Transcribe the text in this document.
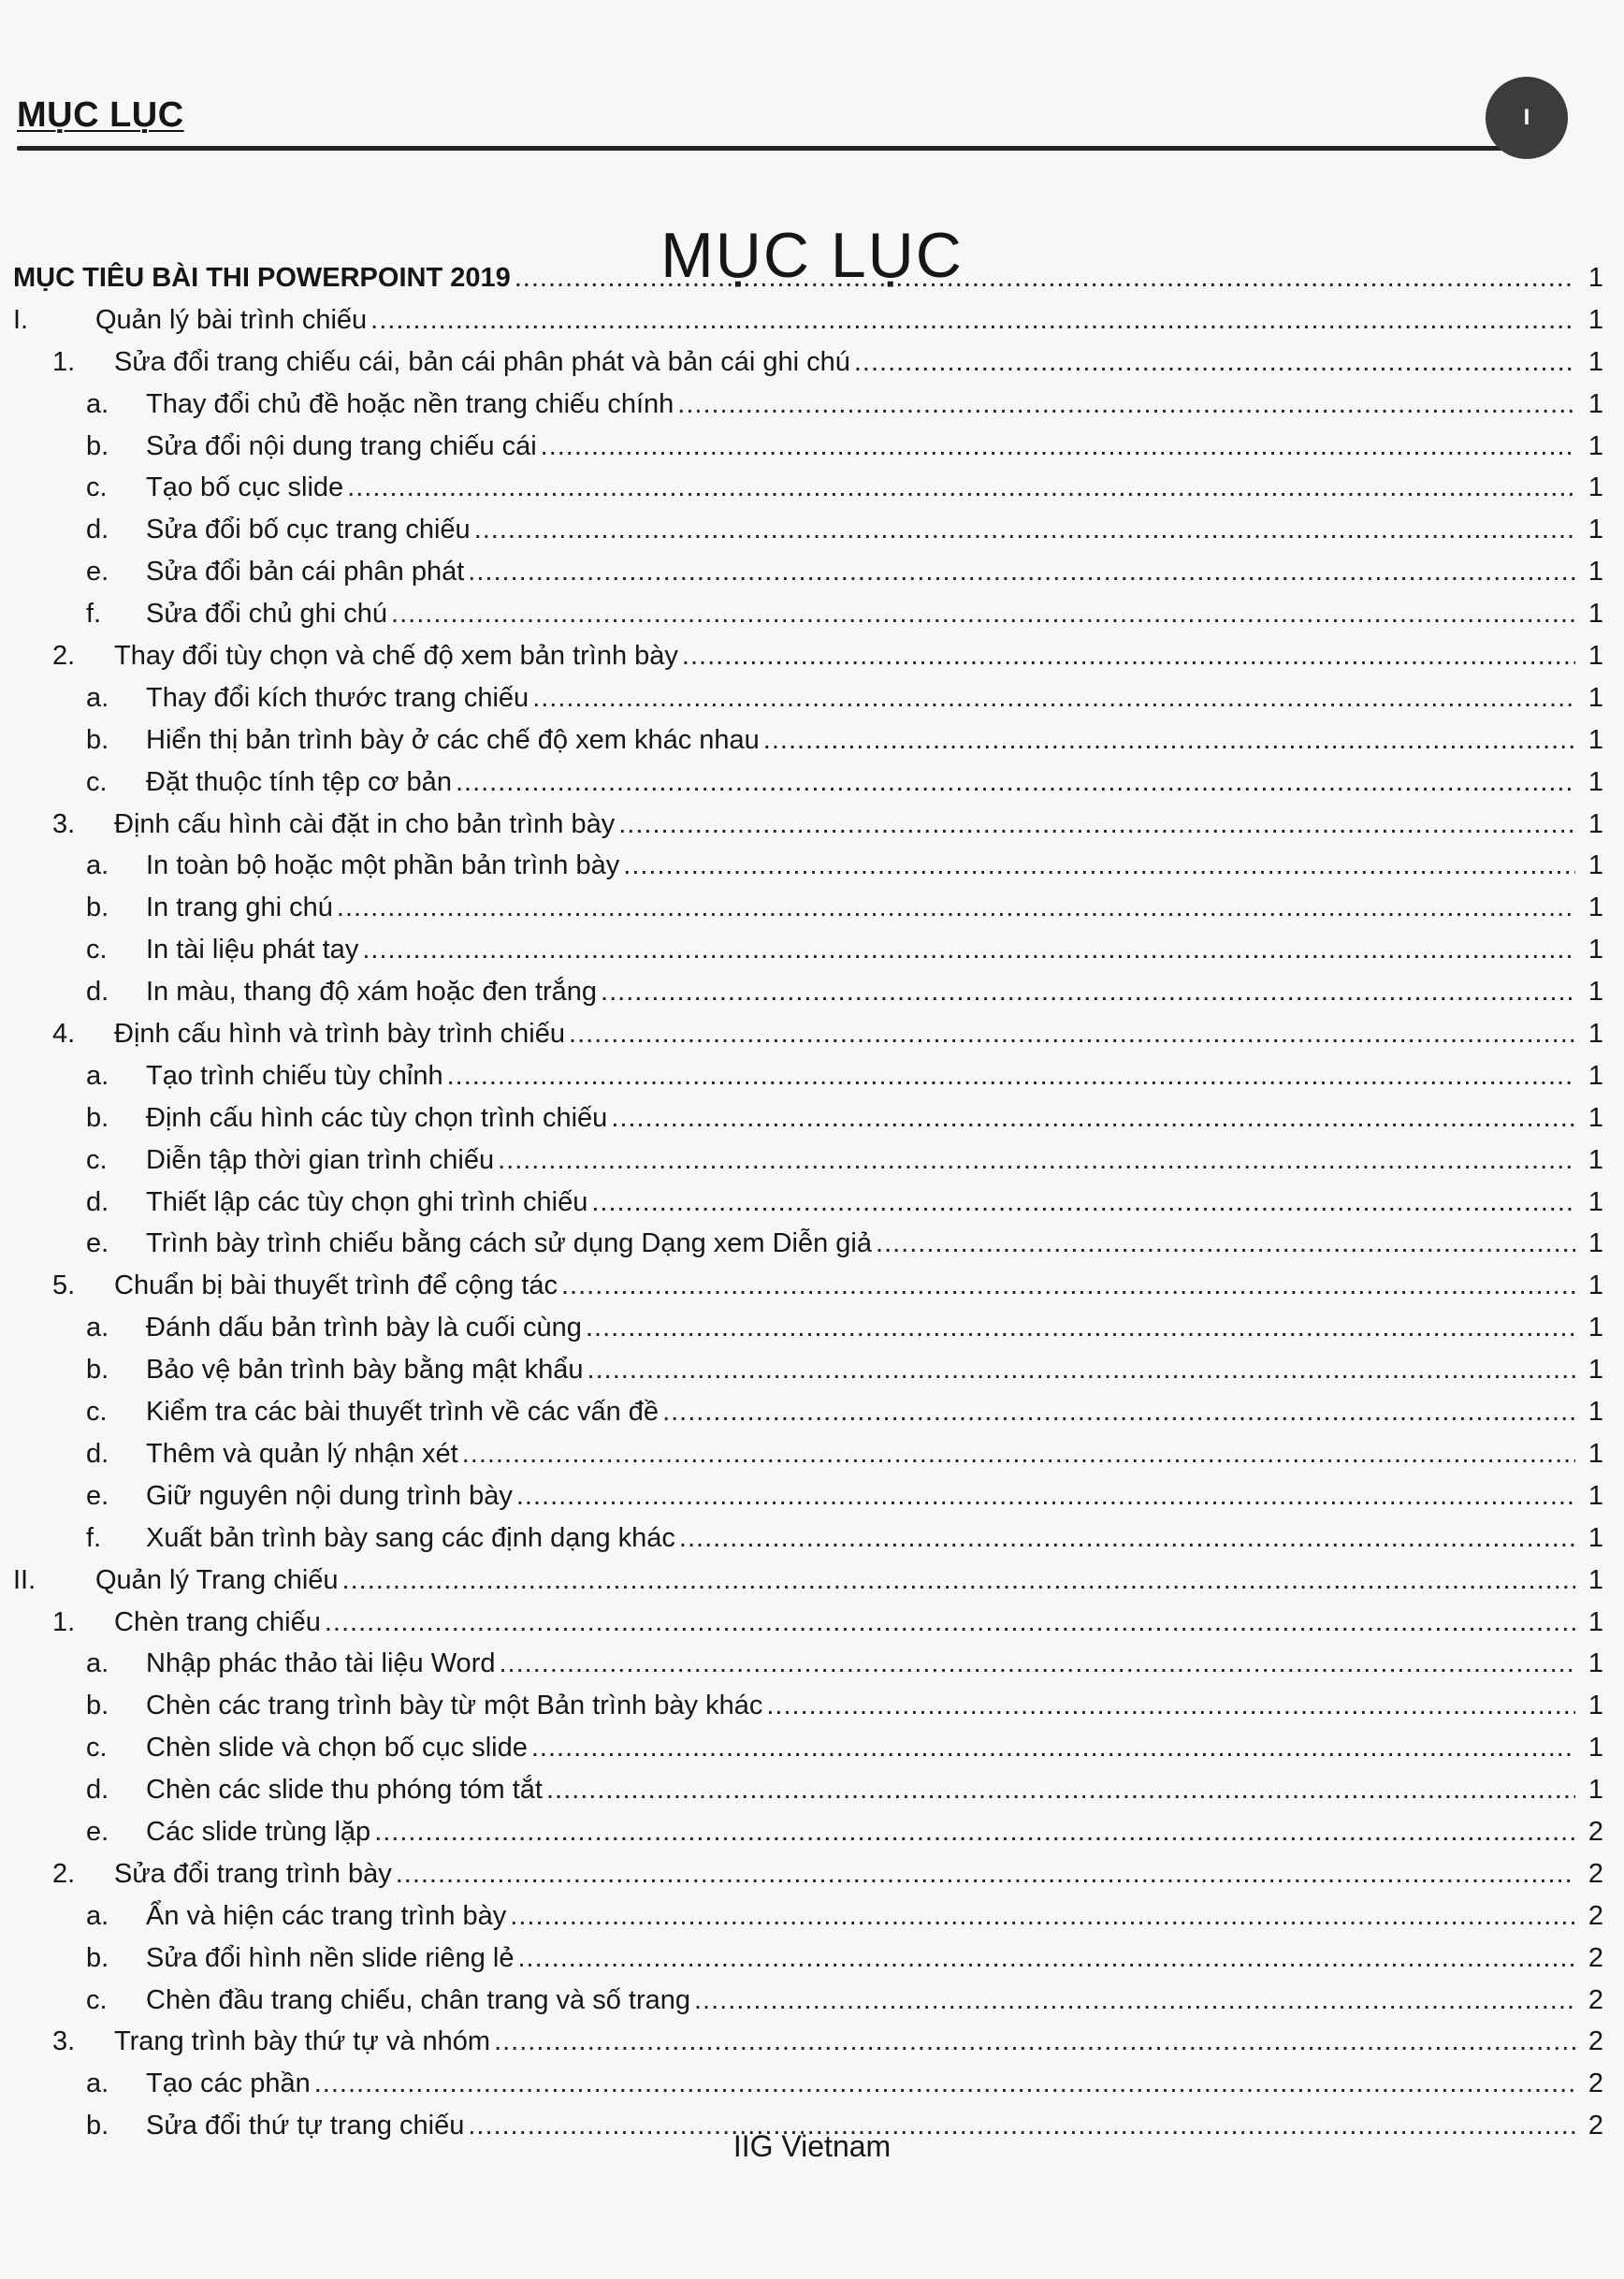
MỤC LỤC	I
MỤC LỤC
MỤC TIÊU BÀI THI POWERPOINT 2019 .....	1
I. Quản lý bài trình chiếu .....	1
1. Sửa đổi trang chiếu cái, bản cái phân phát và bản cái ghi chú .....	1
a. Thay đổi chủ đề hoặc nền trang chiếu chính .....	1
b. Sửa đổi nội dung trang chiếu cái .....	1
c. Tạo bố cục slide .....	1
d. Sửa đổi bố cục trang chiếu .....	1
e. Sửa đổi bản cái phân phát .....	1
f. Sửa đổi chủ ghi chú .....	1
2. Thay đổi tùy chọn và chế độ xem bản trình bày .....	1
a. Thay đổi kích thước trang chiếu .....	1
b. Hiển thị bản trình bày ở các chế độ xem khác nhau .....	1
c. Đặt thuộc tính tệp cơ bản .....	1
3. Định cấu hình cài đặt in cho bản trình bày .....	1
a. In toàn bộ hoặc một phần bản trình bày .....	1
b. In trang ghi chú .....	1
c. In tài liệu phát tay .....	1
d. In màu, thang độ xám hoặc đen trắng .....	1
4. Định cấu hình và trình bày trình chiếu .....	1
a. Tạo trình chiếu tùy chỉnh .....	1
b. Định cấu hình các tùy chọn trình chiếu .....	1
c. Diễn tập thời gian trình chiếu .....	1
d. Thiết lập các tùy chọn ghi trình chiếu .....	1
e. Trình bày trình chiếu bằng cách sử dụng Dạng xem Diễn giả .....	1
5. Chuẩn bị bài thuyết trình để cộng tác .....	1
a. Đánh dấu bản trình bày là cuối cùng .....	1
b. Bảo vệ bản trình bày bằng mật khẩu .....	1
c. Kiểm tra các bài thuyết trình về các vấn đề .....	1
d. Thêm và quản lý nhận xét .....	1
e. Giữ nguyên nội dung trình bày .....	1
f. Xuất bản trình bày sang các định dạng khác .....	1
II. Quản lý Trang chiếu .....	1
1. Chèn trang chiếu .....	1
a. Nhập phác thảo tài liệu Word .....	1
b. Chèn các trang trình bày từ một Bản trình bày khác .....	1
c. Chèn slide và chọn bố cục slide .....	1
d. Chèn các slide thu phóng tóm tắt .....	1
e. Các slide trùng lặp .....	2
2. Sửa đổi trang trình bày .....	2
a. Ẩn và hiện các trang trình bày .....	2
b. Sửa đổi hình nền slide riêng lẻ .....	2
c. Chèn đầu trang chiếu, chân trang và số trang .....	2
3. Trang trình bày thứ tự và nhóm .....	2
a. Tạo các phần .....	2
b. Sửa đổi thứ tự trang chiếu .....	2
IIG Vietnam
